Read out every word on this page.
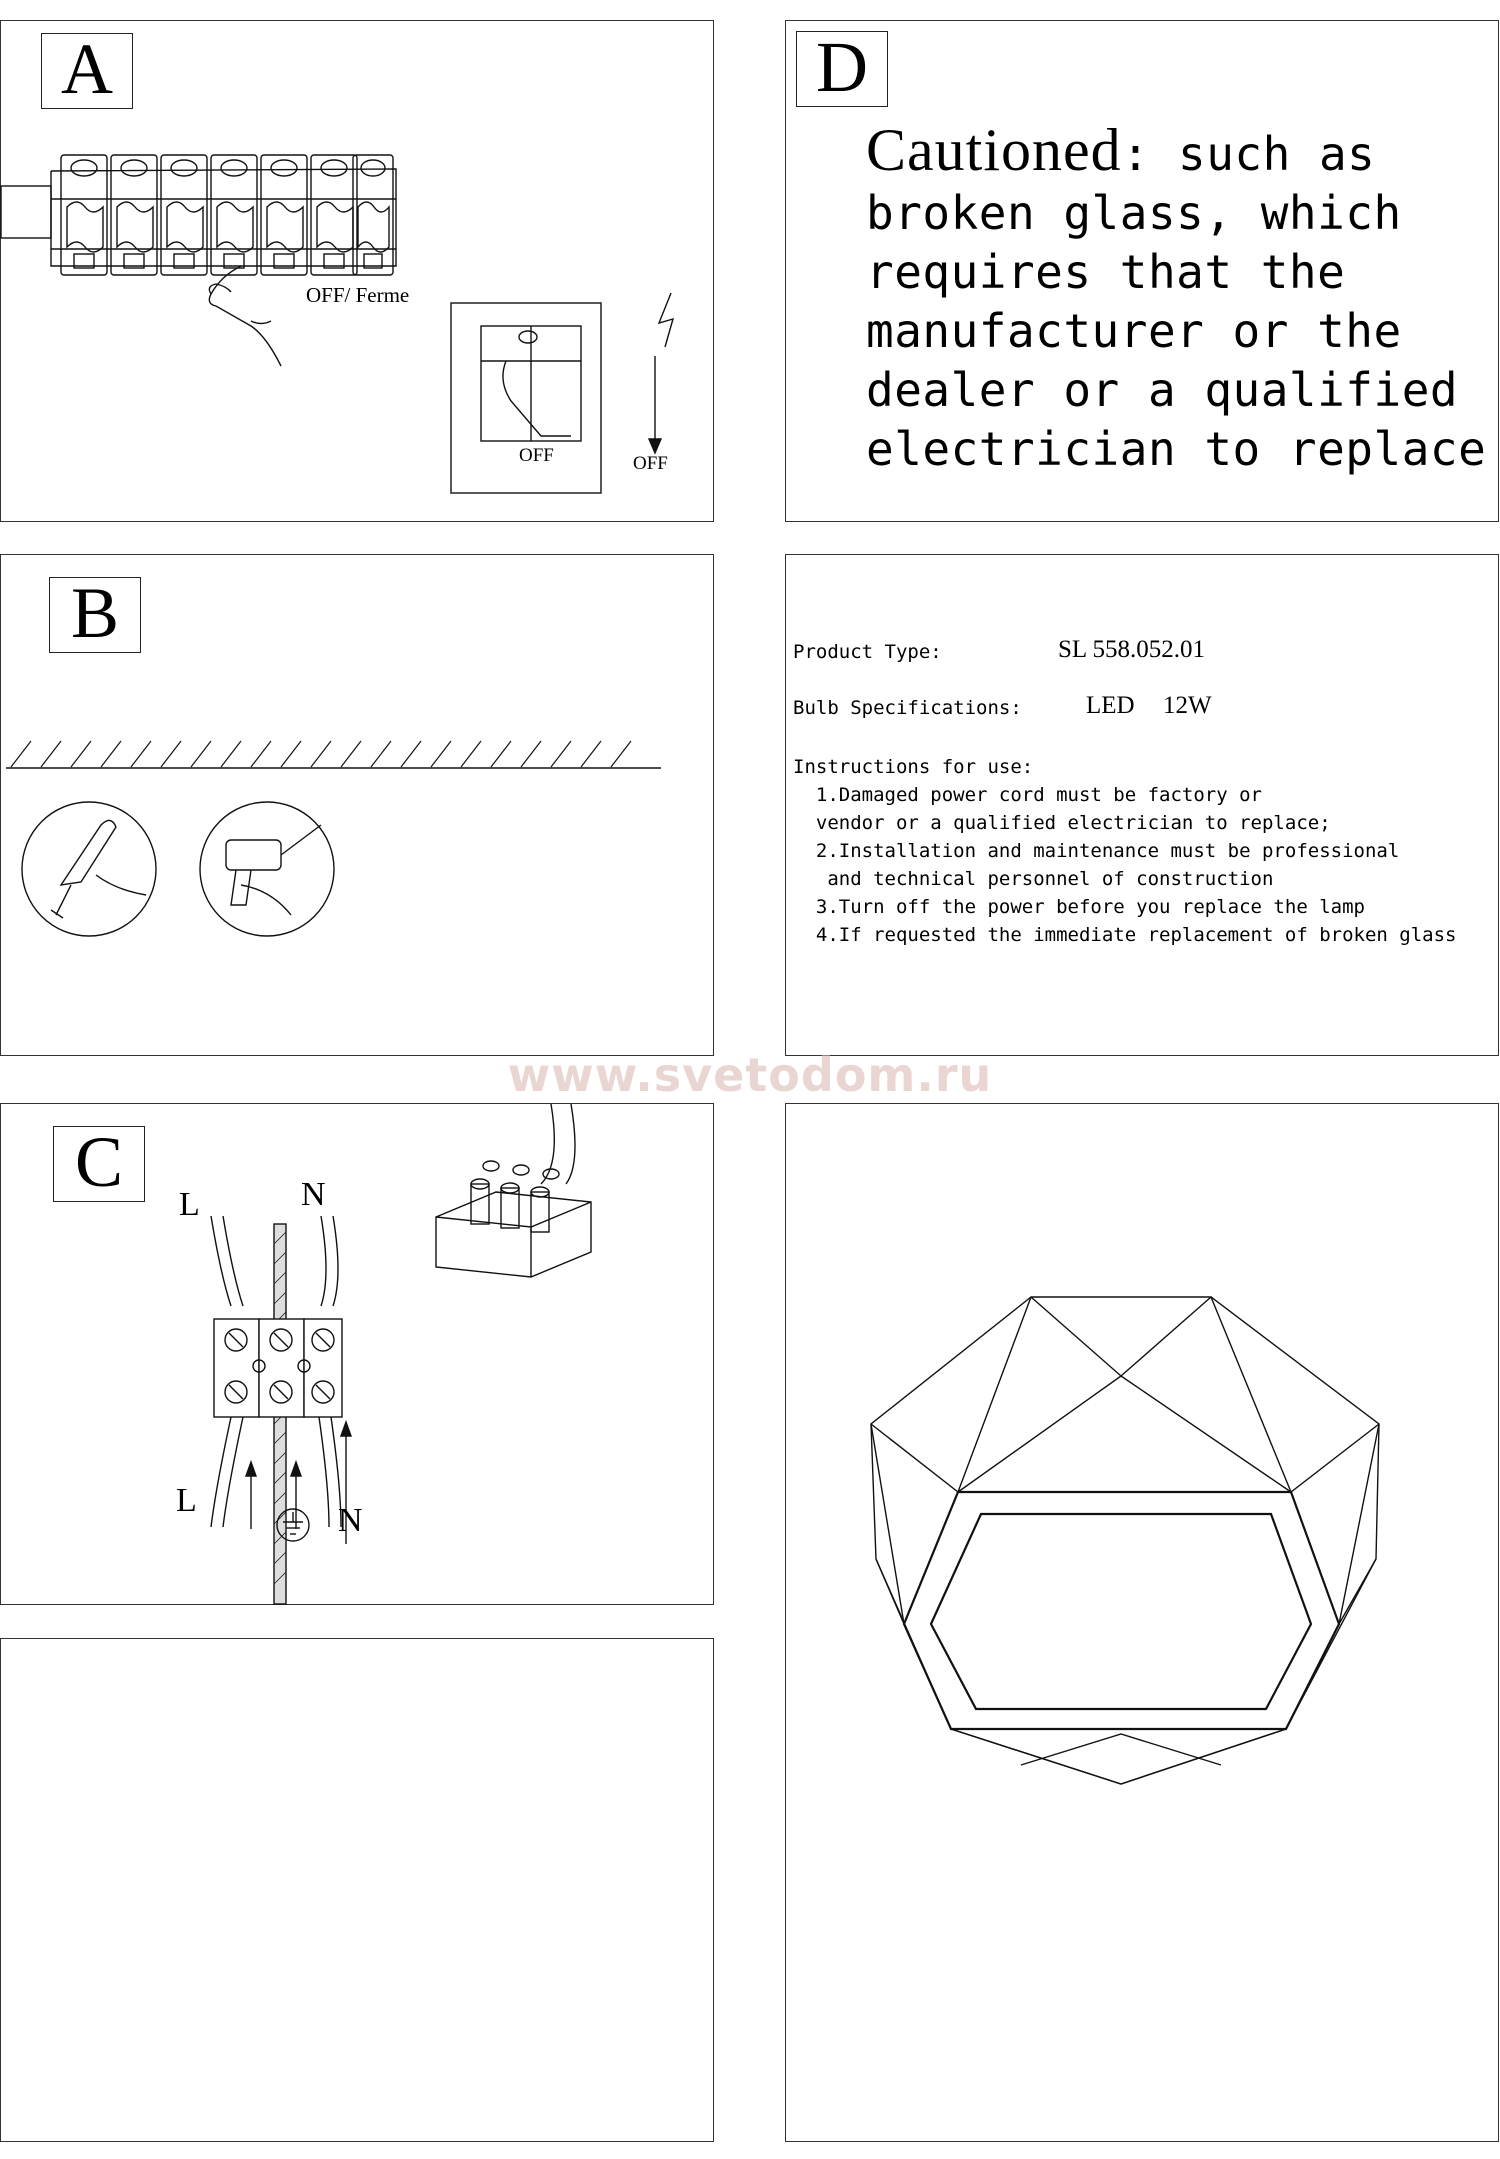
A
OFF/ Ferme
OFF	OFF
D
Cautioned: such as
broken glass, which
requires that the
manufacturer or the
dealer or a qualified
electrician to replace
B	Product Type:	SL 558.052.01
Bulb Specifications:	LED 12W
Instructions for use:
1.Damaged power cord must be factory or
vendor or a qualified electrician to replace;
2.Installation and maintenance must be professional
and technical personnel of construction
3.Turn off the power before you replace the lamp
4.If requested the immediate replacement of broken glass
www.svetodom.ru
C
L	N
L
N
